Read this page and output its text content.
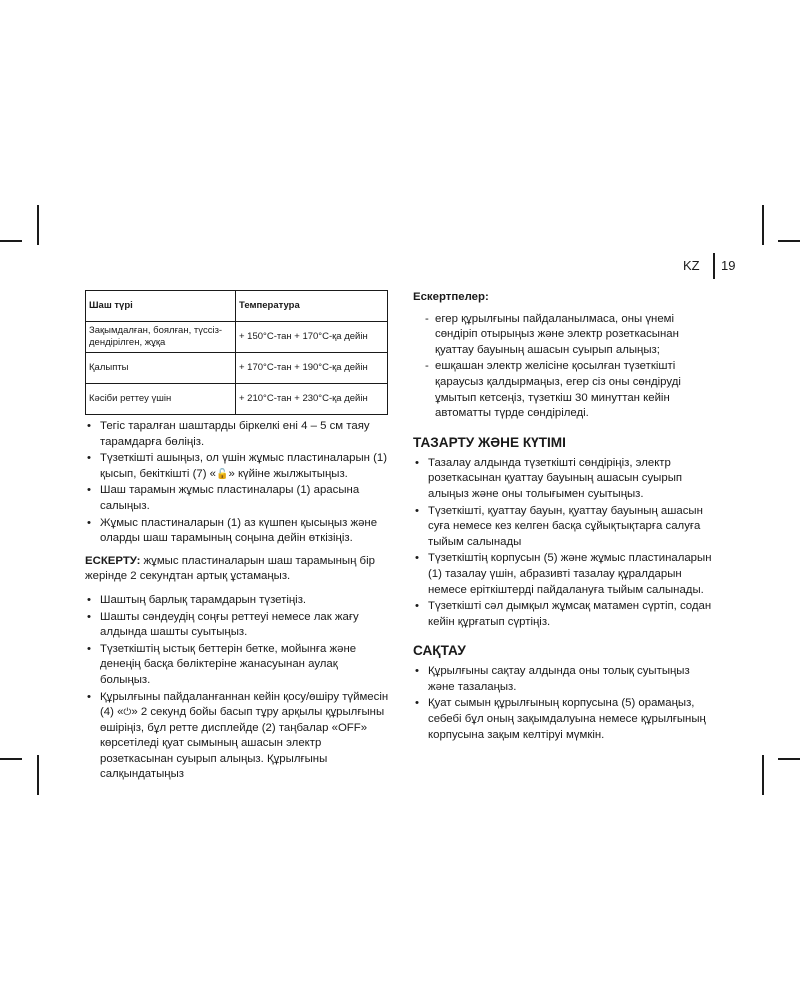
KZ 19
Шаш түрі	Температура
Зақымдалған, боялған, түссіз-дендірілген, жұқа	+ 150°C-тан + 170°C-қа дейін
Қалыпты	+ 170°C-тан + 190°C-қа дейін
Кәсіби реттеу үшін	+ 210°C-тан + 230°C-қа дейін
• Тегіс таралған шаштарды біркелкі ені 4 – 5 см таяу тарамдарға бөліңіз.
• Түзеткішті ашыңыз, ол үшін жұмыс пластиналарын (1) қысып, бекіткішті (7) «🔓» күйіне жылжытыңыз.
• Шаш тарамын жұмыс пластиналары (1) арасына салыңыз.
• Жұмыс пластиналарын (1) аз күшпен қысыңыз және оларды шаш тарамының соңына дейін өткізіңіз.
ЕСКЕРТУ: жұмыс пластиналарын шаш тарамының бір жерінде 2 секундтан артық ұстамаңыз.
• Шаштың барлық тарамдарын түзетіңіз.
• Шашты сәндеудің соңғы реттеуі немесе лак жағу алдында шашты суытыңыз.
• Түзеткіштің ыстық беттерін бетке, мойынға және денеңің басқа бөліктеріне жанасуынан аулақ болыңыз.
• Құрылғыны пайдаланғаннан кейін қосу/өшіру түймесін (4) «⏻» 2 секунд бойы басып тұру арқылы құрылғыны өшіріңіз, бұл ретте дисплейде (2) таңбалар «OFF» көрсетіледі қуат сымының ашасын электр розеткасынан суырып алыңыз. Құрылғыны салқындатыңыз
Ескертпелер:
- егер құрылғыны пайдаланылмаса, оны үнемі сөндіріп отырыңыз және электр розеткасынан қуаттау бауының ашасын суырып алыңыз;
- ешқашан электр желісіне қосылған түзеткішті қараусыз қалдырмаңыз, егер сіз оны сөндіруді ұмытып кетсеңіз, түзеткіш 30 минуттан кейін автоматты түрде сөндіріледі.
ТАЗАРТУ ЖӘНЕ КҮТІМІ
• Тазалау алдында түзеткішті сөндіріңіз, электр розеткасынан қуаттау бауының ашасын суырып алыңыз және оны толығымен суытыңыз.
• Түзеткішті, қуаттау бауын, қуаттау бауының ашасын суға немесе кез келген басқа сұйықтықтарға салуға тыйым салынады
• Түзеткіштің корпусын (5) және жұмыс пластиналарын (1) тазалау үшін, абразивті тазалау құралдарын немесе еріткіштерді пайдалануға тыйым салынады.
• Түзеткішті сәл дымқыл жұмсақ матамен сүртіп, содан кейін құрғатып сүртіңіз.
САҚТАУ
• Құрылғыны сақтау алдында оны толық суытыңыз және тазалаңыз.
• Қуат сымын құрылғының корпусына (5) орамаңыз, себебі бұл оның зақымдалуына немесе құрылғының корпусына зақым келтіруі мүмкін.
